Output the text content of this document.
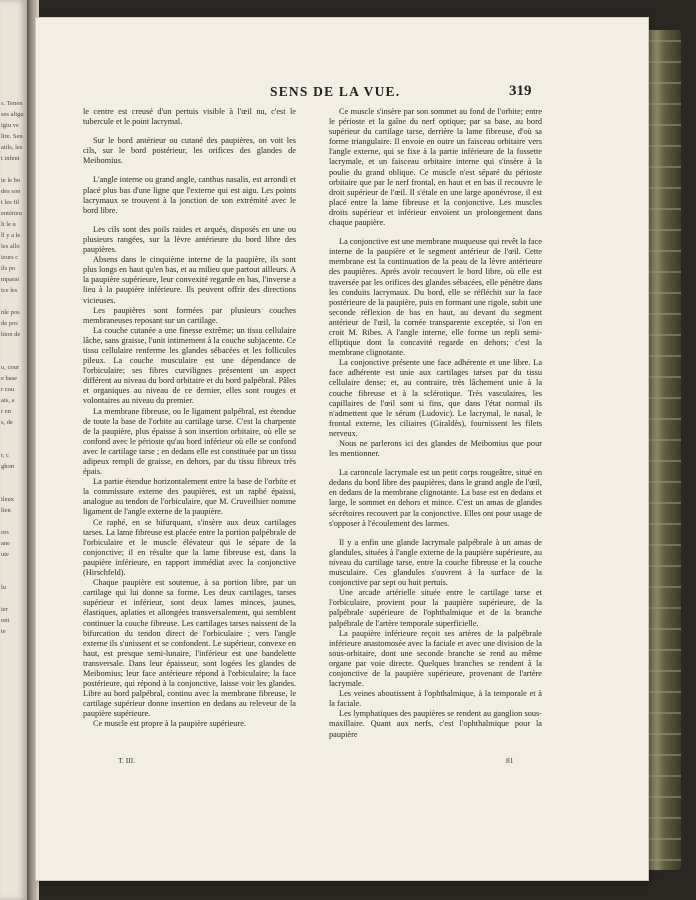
s. Tenen
ses aligu
igiu ve
lire. Sen
aiils, les
t infeni
ie le bo
des son
t les fil
entérieu
lt le u
ll y a le
les allo
ieurs c
ils po
mparai
ice les
nle pos
de pos
hion de
u, cour
e base
r cou
ais, a
r en
s, de
r, c
ghon
ileux
lien
ors
ane
ute
lu
ier
ont
te
SENS DE LA VUE.	319

le centre est creusé d'un pertuis visible à l'œil nu, c'est le tubercule et le point lacrymal.

Sur le bord antérieur ou cutané des paupières, on voit les cils, sur le bord postérieur, les orifices des glandes de Meibomius.

L'angle interne ou grand angle, canthus nasalis, est arrondi et placé plus bas d'une ligne que l'externe qui est aigu. Les points lacrymaux se trouvent à la jonction de son extrémité avec le bord libre.

Les cils sont des poils raides et arqués, disposés en une ou plusieurs rangées, sur la lèvre antérieure du bord libre des paupières.

Absens dans le cinquième interne de la paupière, ils sont plus longs en haut qu'en bas, et au milieu que partout ailleurs. A la paupière supérieure, leur convexité regarde en bas, l'inverse a lieu à la paupière inférieure. Ils peuvent offrir des directions vicieuses.

Les paupières sont formées par plusieurs couches membraneuses reposant sur un cartilage.

La couche cutanée a une finesse extrême; un tissu cellulaire lâche, sans graisse, l'unit intimement à la couche subjacente. Ce tissu cellulaire renferme les glandes sébacées et les follicules pileux. La couche musculaire est une dépendance de l'orbiculaire; ses fibres curvilignes présentent un aspect différent au niveau du bord orbitaire et du bord palpébral. Pâles et organiques au niveau de ce dernier, elles sont rouges et volontaires au niveau du premier.

La membrane fibreuse, ou le ligament palpébral, est étendue de toute la base de l'orbite au cartilage tarse. C'est la charpente de la paupière, plus épaisse à son insertion orbitaire, où elle se confond avec le périoste qu'au bord inférieur où elle se confond avec le cartilage tarse ; en dedans elle est constituée par un tissu adipeux rempli de graisse, en dehors, par du tissu fibreux très épais.

La partie étendue horizontalement entre la base de l'orbite et la commissure externe des paupières, est un raphé épaissi, analogue au tendon de l'orbiculaire, que M. Cruveilhier nomme ligament de l'angle externe de la paupière.

Ce raphé, en se bifurquant, s'insère aux deux cartilages tarses. La lame fibreuse est placée entre la portion palpébrale de l'orbiculaire et le muscle élévateur qui le sépare de la conjonctive; il en résulte que la lame fibreuse est, dans la paupière inférieure, en rapport immédiat avec la conjonctive (Hirschfeld).

Chaque paupière est soutenue, à sa portion libre, par un cartilage qui lui donne sa forme. Les deux cartilages, tarses supérieur et inférieur, sont deux lames minces, jaunes, élastiques, aplaties et allongées transversalement, qui semblent continuer la couche fibreuse. Les cartilages tarses naissent de la bifurcation du tendon direct de l'orbiculaire ; vers l'angle externe ils s'unissent et se confondent. Le supérieur, convexe en haut, est presque semi-lunaire, l'inférieur est une bandelette transversale. Dans leur épaisseur, sont logées les glandes de Meibomius; leur face antérieure répond à l'orbiculaire; la face postérieure, qui répond à la conjonctive, laisse voir les glandes. Libre au bord palpébral, continu avec la membrane fibreuse, le cartilage supérieur donne insertion en dedans au releveur de la paupière supérieure.

Ce muscle est propre à la paupière supérieure.

Ce muscle s'insère par son sommet au fond de l'orbite; entre le périoste et la gaîne du nerf optique; par sa base, au bord supérieur du cartilage tarse, derrière la lame fibreuse, d'où sa forme triangulaire. Il envoie en outre un faisceau orbitaire vers l'angle externe, qui se fixe à la partie inférieure de la fossette lacrymale, et un faisceau orbitaire interne qui s'insère à la poulie du grand oblique. Ce muscle n'est séparé du périoste orbitaire que par le nerf frontal, en haut et en bas il recouvre le droit supérieur de l'œil. Il s'étale en une large aponévrose, il est placé entre la lame fibreuse et la conjonctive. Les muscles droits supérieur et inférieur envoient un prolongement dans chaque paupière.

La conjonctive est une membrane muqueuse qui revêt la face interne de la paupière et le segment antérieur de l'œil. Cette membrane est la continuation de la peau de la lèvre antérieure des paupières. Après avoir recouvert le bord libre, où elle est traversée par les orifices des glandes sébacées, elle pénètre dans les conduits lacrymaux. Du bord, elle se réfléchit sur la face postérieure de la paupière, puis en formant une rigole, subit une seconde réflexion de bas en haut, au devant du segment antérieur de l'œil, la cornée transparente exceptée, si l'on en croit M. Ribes. A l'angle interne, elle forme un repli semi-elliptique dont la concavité regarde en dehors; c'est la membrane clignotante.

La conjonctive présente une face adhérente et une libre. La face adhérente est unie aux cartilages tarses par du tissu cellulaire dense; et, au contraire, très lâchement unie à la couche fibreuse et à la sclérotique. Très vasculaires, les capillaires de l'œil sont si fins, que dans l'état normal ils n'admettent que le sérum (Ludovic). Le lacrymal, le nasal, le frontal externe, les ciliaires (Giraldès), fournissent les filets nerveux.

Nous ne parlerons ici des glandes de Meibomius que pour les mentionner.

La caroncule lacrymale est un petit corps rougeâtre, situé en dedans du bord libre des paupières, dans le grand angle de l'œil, en dedans de la membrane clignotante. La base est en dedans et large, le sommet en dehors et mince. C'est un amas de glandes sécrétoires recouvert par la conjonctive. Elles ont pour usage de s'opposer à l'écoulement des larmes.

Il y a enfin une glande lacrymale palpébrale à un amas de glandules, situées à l'angle externe de la paupière supérieure, au niveau du cartilage tarse, entre la couche fibreuse et la couche musculaire. Ces glandules s'ouvrent à la surface de la conjonctive par sept ou huit pertuis.

Une arcade artérielle située entre le cartilage tarse et l'orbiculaire, provient pour la paupière supérieure, de la palpébrale supérieure de l'ophthalmique et de la branche palpébrale de l'artère temporale superficielle.

La paupière inférieure reçoit ses artères de la palpébrale inférieure anastomosée avec la faciale et avec une division de la sous-orbitaire, dont une seconde branche se rend au même organe par voie directe. Quelques branches se rendent à la conjonctive de la paupière supérieure, provenant de l'artère lacrymale.

Les veines aboutissent à l'ophthalmique, à la temporale et à la faciale.

Les lymphatiques des paupières se rendent au ganglion sous-maxillaire. Quant aux nerfs, c'est l'ophthalmique pour la paupière

T. III.	81
